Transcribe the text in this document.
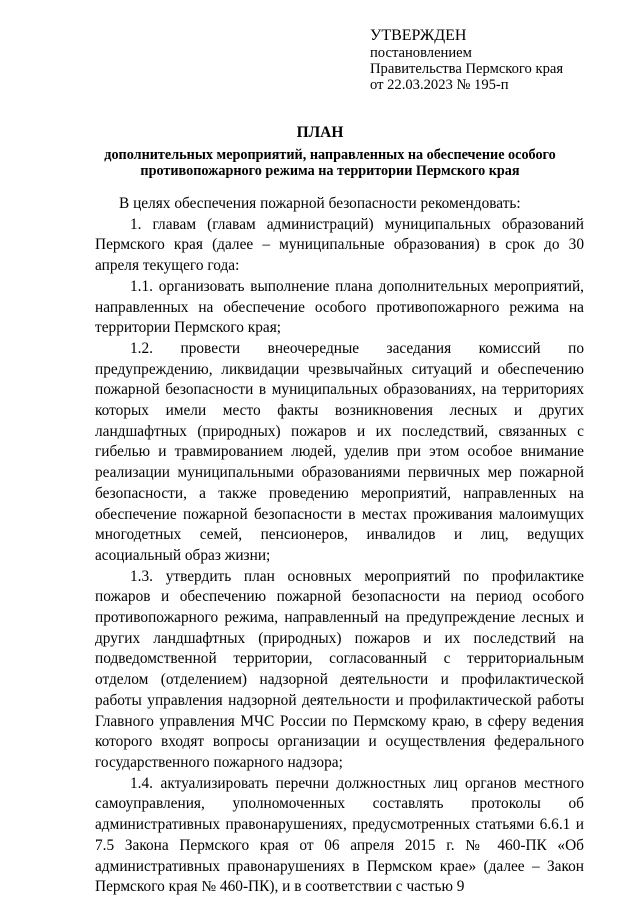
УТВЕРЖДЕН
постановлением
Правительства Пермского края
от 22.03.2023 № 195-п
ПЛАН
дополнительных мероприятий, направленных на обеспечение особого противопожарного режима на территории Пермского края

В целях обеспечения пожарной безопасности рекомендовать:

1. главам (главам администраций) муниципальных образований Пермского края (далее – муниципальные образования) в срок до 30 апреля текущего года:

1.1. организовать выполнение плана дополнительных мероприятий, направленных на обеспечение особого противопожарного режима на территории Пермского края;

1.2. провести внеочередные заседания комиссий по предупреждению, ликвидации чрезвычайных ситуаций и обеспечению пожарной безопасности в муниципальных образованиях, на территориях которых имели место факты возникновения лесных и других ландшафтных (природных) пожаров и их последствий, связанных с гибелью и травмированием людей, уделив при этом особое внимание реализации муниципальными образованиями первичных мер пожарной безопасности, а также проведению мероприятий, направленных на обеспечение пожарной безопасности в местах проживания малоимущих многодетных семей, пенсионеров, инвалидов и лиц, ведущих асоциальный образ жизни;

1.3. утвердить план основных мероприятий по профилактике пожаров и обеспечению пожарной безопасности на период особого противопожарного режима, направленный на предупреждение лесных и других ландшафтных (природных) пожаров и их последствий на подведомственной территории, согласованный с территориальным отделом (отделением) надзорной деятельности и профилактической работы управления надзорной деятельности и профилактической работы Главного управления МЧС России по Пермскому краю, в сферу ведения которого входят вопросы организации и осуществления федерального государственного пожарного надзора;

1.4. актуализировать перечни должностных лиц органов местного самоуправления, уполномоченных составлять протоколы об административных правонарушениях, предусмотренных статьями 6.6.1 и 7.5 Закона Пермского края от 06 апреля 2015 г. № 460-ПК «Об административных правонарушениях в Пермском крае» (далее – Закон Пермского края № 460-ПК), и в соответствии с частью 9
